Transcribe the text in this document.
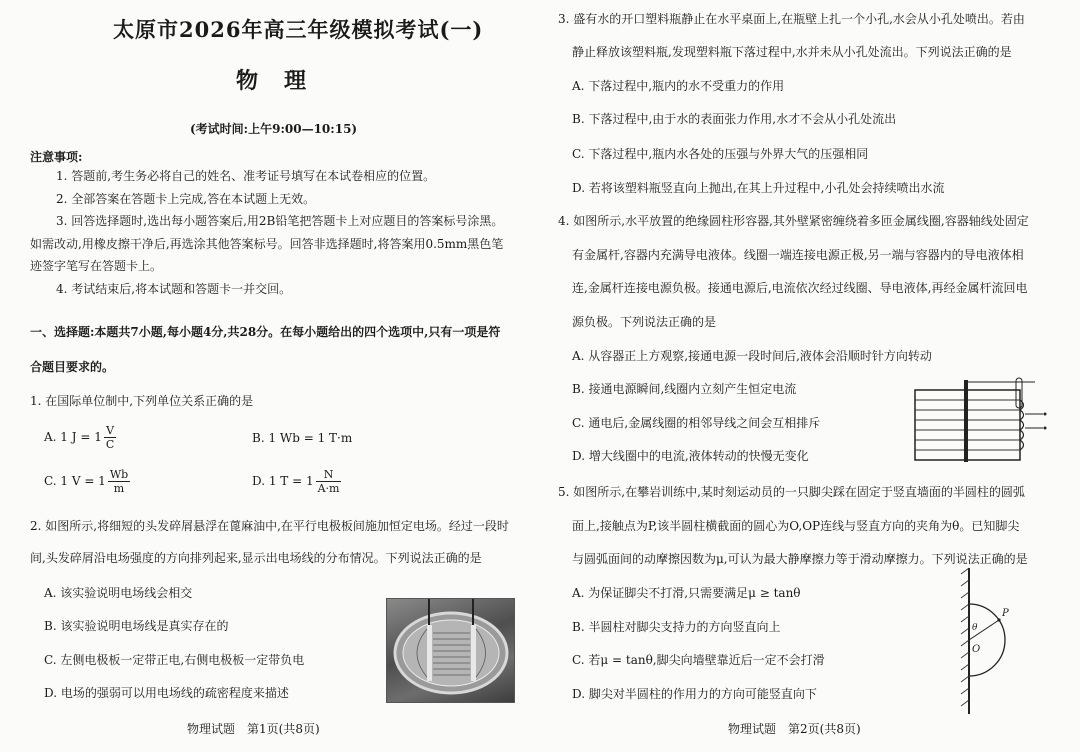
太原市2026年高三年级模拟考试(一)
物理
(考试时间:上午9:00—10:15)
注意事项:
1. 答题前,考生务必将自己的姓名、准考证号填写在本试卷相应的位置。
2. 全部答案在答题卡上完成,答在本试题上无效。
3. 回答选择题时,选出每小题答案后,用2B铅笔把答题卡上对应题目的答案标号涂黑。
如需改动,用橡皮擦干净后,再选涂其他答案标号。回答非选择题时,将答案用0.5mm黑色笔
迹签字笔写在答题卡上。
4. 考试结束后,将本试题和答题卡一并交回。
一、选择题:本题共7小题,每小题4分,共28分。在每小题给出的四个选项中,只有一项是符
合题目要求的。
1. 在国际单位制中,下列单位关系正确的是
A. 1 $J = 1 \frac{V}{C}$	B. 1 Wb = 1 T·m
C. 1 $V = 1 \frac{Wb}{m}$	D. 1 $T = 1 \frac{N}{A\cdot m}$
2. 如图所示,将细短的头发碎屑悬浮在蓖麻油中,在平行电极板间施加恒定电场。经过一段时
间,头发碎屑沿电场强度的方向排列起来,显示出电场线的分布情况。下列说法正确的是
A. 该实验说明电场线会相交
B. 该实验说明电场线是真实存在的
C. 左侧电极板一定带正电,右侧电极板一定带负电
D. 电场的强弱可以用电场线的疏密程度来描述
物理试题　第1页(共8页)
3. 盛有水的开口塑料瓶静止在水平桌面上,在瓶壁上扎一个小孔,水会从小孔处喷出。若由
静止释放该塑料瓶,发现塑料瓶下落过程中,水并未从小孔处流出。下列说法正确的是
A. 下落过程中,瓶内的水不受重力的作用
B. 下落过程中,由于水的表面张力作用,水才不会从小孔处流出
C. 下落过程中,瓶内水各处的压强与外界大气的压强相同
D. 若将该塑料瓶竖直向上抛出,在其上升过程中,小孔处会持续喷出水流
4. 如图所示,水平放置的绝缘圆柱形容器,其外壁紧密缠绕着多匝金属线圈,容器轴线处固定
有金属杆,容器内充满导电液体。线圈一端连接电源正极,另一端与容器内的导电液体相
连,金属杆连接电源负极。接通电源后,电流依次经过线圈、导电液体,再经金属杆流回电
源负极。下列说法正确的是
A. 从容器正上方观察,接通电源一段时间后,液体会沿顺时针方向转动
B. 接通电源瞬间,线圈内立刻产生恒定电流
C. 通电后,金属线圈的相邻导线之间会互相排斥
D. 增大线圈中的电流,液体转动的快慢无变化
5. 如图所示,在攀岩训练中,某时刻运动员的一只脚尖踩在固定于竖直墙面的半圆柱的圆弧
面上,接触点为P,该半圆柱横截面的圆心为O,OP连线与竖直方向的夹角为θ。已知脚尖
与圆弧面间的动摩擦因数为μ,可认为最大静摩擦力等于滑动摩擦力。下列说法正确的是
A. 为保证脚尖不打滑,只需要满足μ ≥ tanθ
B. 半圆柱对脚尖支持力的方向竖直向上
C. 若μ = tanθ,脚尖向墙壁靠近后一定不会打滑
D. 脚尖对半圆柱的作用力的方向可能竖直向下
P
O
θ
物理试题　第2页(共8页)
